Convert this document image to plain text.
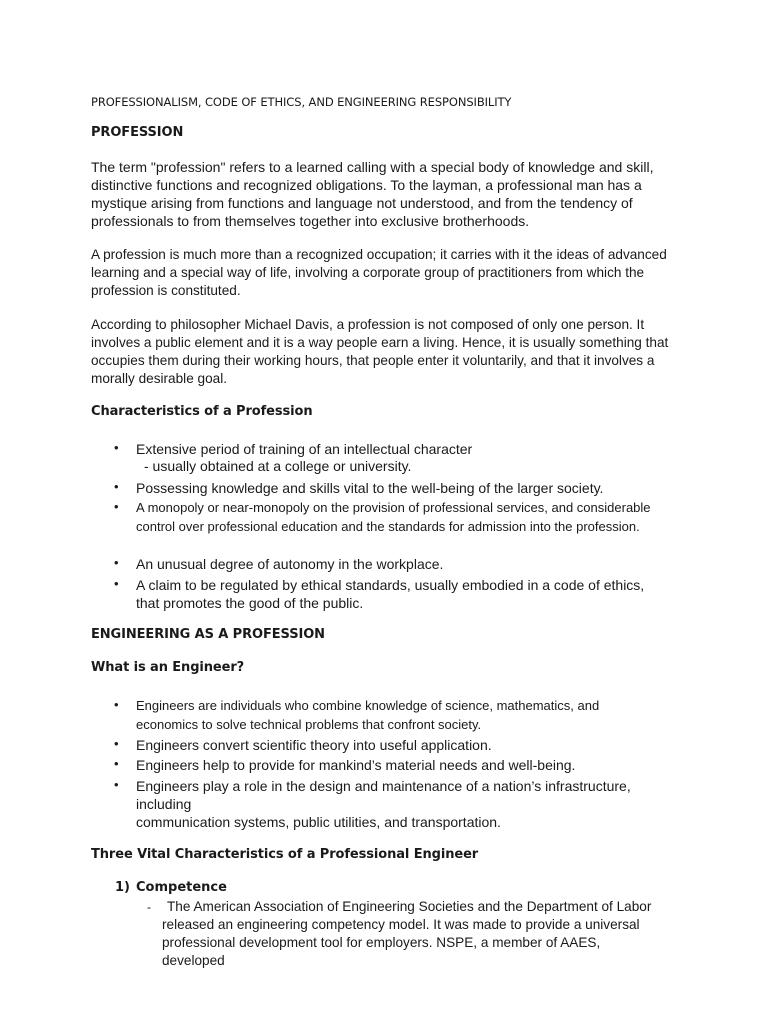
PROFESSIONALISM, CODE OF ETHICS, AND ENGINEERING RESPONSIBILITY
PROFESSION
The term "profession" refers to a learned calling with a special body of knowledge and skill, distinctive functions and recognized obligations. To the layman, a professional man has a mystique arising from functions and language not understood, and from the tendency of professionals to from themselves together into exclusive brotherhoods.
A profession is much more than a recognized occupation; it carries with it the ideas of advanced learning and a special way of life, involving a corporate group of practitioners from which the profession is constituted.
According to philosopher Michael Davis, a profession is not composed of only one person. It involves a public element and it is a way people earn a living. Hence, it is usually something that occupies them during their working hours, that people enter it voluntarily, and that it involves a morally desirable goal.
Characteristics of a Profession
• Extensive period of training of an intellectual character
- usually obtained at a college or university.
• Possessing knowledge and skills vital to the well-being of the larger society.
• A monopoly or near-monopoly on the provision of professional services, and considerable control over professional education and the standards for admission into the profession.
• An unusual degree of autonomy in the workplace.
• A claim to be regulated by ethical standards, usually embodied in a code of ethics, that promotes the good of the public.
ENGINEERING AS A PROFESSION
What is an Engineer?
• Engineers are individuals who combine knowledge of science, mathematics, and economics to solve technical problems that confront society.
• Engineers convert scientific theory into useful application.
• Engineers help to provide for mankind’s material needs and well-being.
• Engineers play a role in the design and maintenance of a nation’s infrastructure, including
communication systems, public utilities, and transportation.
Three Vital Characteristics of a Professional Engineer
1) Competence
-	The American Association of Engineering Societies and the Department of Labor released an engineering competency model. It was made to provide a universal professional development tool for employers. NSPE, a member of AAES, developed
